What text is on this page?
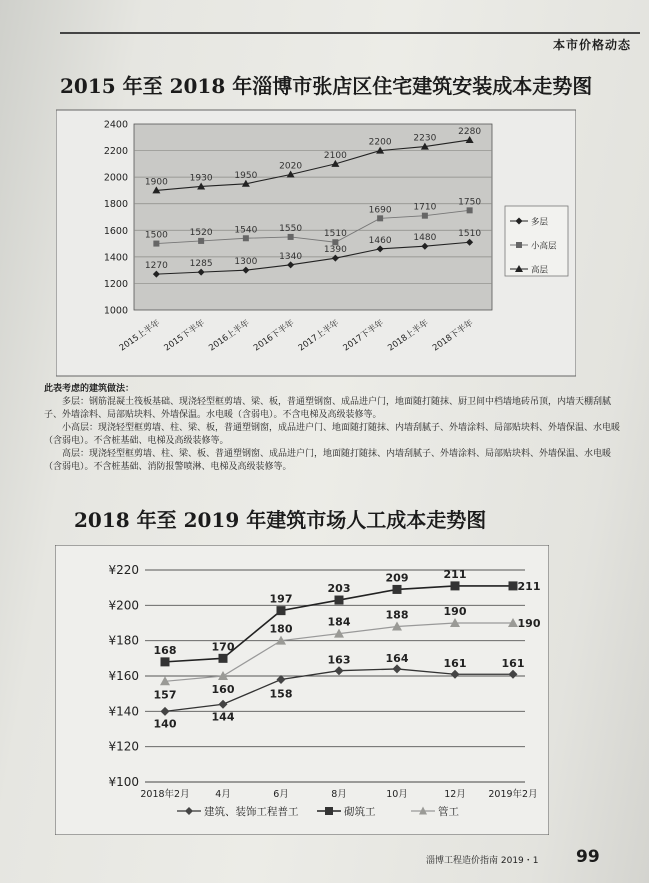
本市价格动态
2015 年至 2018 年淄博市张店区住宅建筑安装成本走势图
1000
1200
1400
1600
1800
2000
2200
2400
2015上半年 2015下半年 2016上半年 2016下半年 2017上半年 2017下半年 2018上半年 2018下半年
1270 1285 1300
1340
1390
1460 1480 1510
1500 1520 1540 1550
1510
1690 1710
1750
1900 1930 1950
2020
2100
2200 2230
2280
多层
小高层
高层

此表考虑的建筑做法：

多层：钢筋混凝土筏板基础、现浇轻型框剪墙、梁、板，普通塑钢窗、成品进户门，地面随打随抹、厨卫间中档墙地砖吊顶，内墙天棚刮腻子、外墙涂料、局部贴块料、外墙保温。水电暖（含弱电）。不含电梯及高级装修等。

小高层：现浇轻型框剪墙、柱、梁、板，普通塑钢窗，成品进户门、地面随打随抹、内墙刮腻子、外墙涂料、局部贴块料、外墙保温、水电暖（含弱电）。不含桩基础、电梯及高级装修等。

高层：现浇轻型框剪墙、柱、梁、板、普通塑钢窗、成品进户门，地面随打随抹、内墙刮腻子、外墙涂料、局部贴块料、外墙保温、水电暖（含弱电）。不含桩基础、消防报警喷淋、电梯及高级装修等。

2018 年至 2019 年建筑市场人工成本走势图
¥100
¥120
¥140
¥160
¥180
¥200
¥220
2018年2月	4月	6月	8月	10月	12月 2019年2月
140
144
158
163	164	161	161
168	170
197
203
209	211
211
157	160
180
184
188	190
190
建筑、装饰工程普工	砌筑工	管工
淄博工程造价指南 2019・1 99
